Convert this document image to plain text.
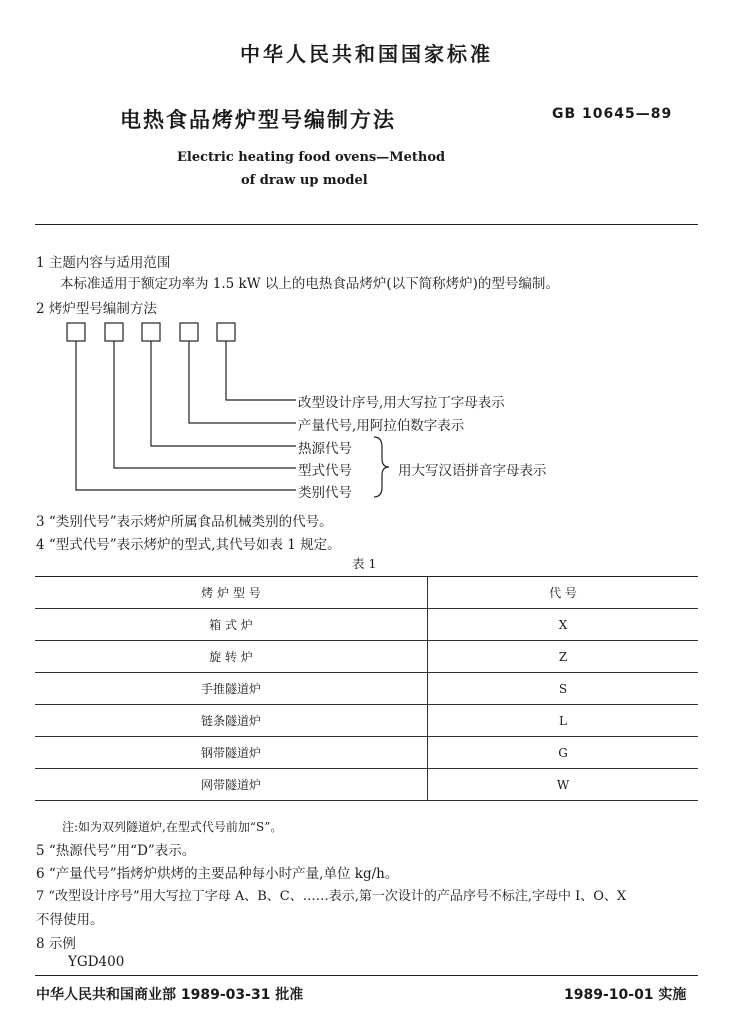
中华人民共和国国家标准
电热食品烤炉型号编制方法	GB 10645—89
Electric heating food ovens—Method
of draw up model
1 主题内容与适用范围
本标准适用于额定功率为 1.5 kW 以上的电热食品烤炉(以下简称烤炉)的型号编制。
2 烤炉型号编制方法
改型设计序号,用大写拉丁字母表示
产量代号,用阿拉伯数字表示
热源代号
型式代号
类别代号
用大写汉语拼音字母表示
3 “类别代号”表示烤炉所属食品机械类别的代号。
4 “型式代号”表示烤炉的型式,其代号如表 1 规定。
表 1
烤 炉 型 号	代 号
箱 式 炉	X
旋 转 炉	Z
手推隧道炉	S
链条隧道炉	L
钢带隧道炉	G
网带隧道炉	W
注:如为双列隧道炉,在型式代号前加“S”。
5 “热源代号”用“D”表示。
6 “产量代号”指烤炉烘烤的主要品种每小时产量,单位 kg/h。
7 “改型设计序号”用大写拉丁字母 A、B、C、……表示,第一次设计的产品序号不标注,字母中 I、O、X
不得使用。
8 示例
YGD400
中华人民共和国商业部 1989-03-31 批准	1989-10-01 实施
